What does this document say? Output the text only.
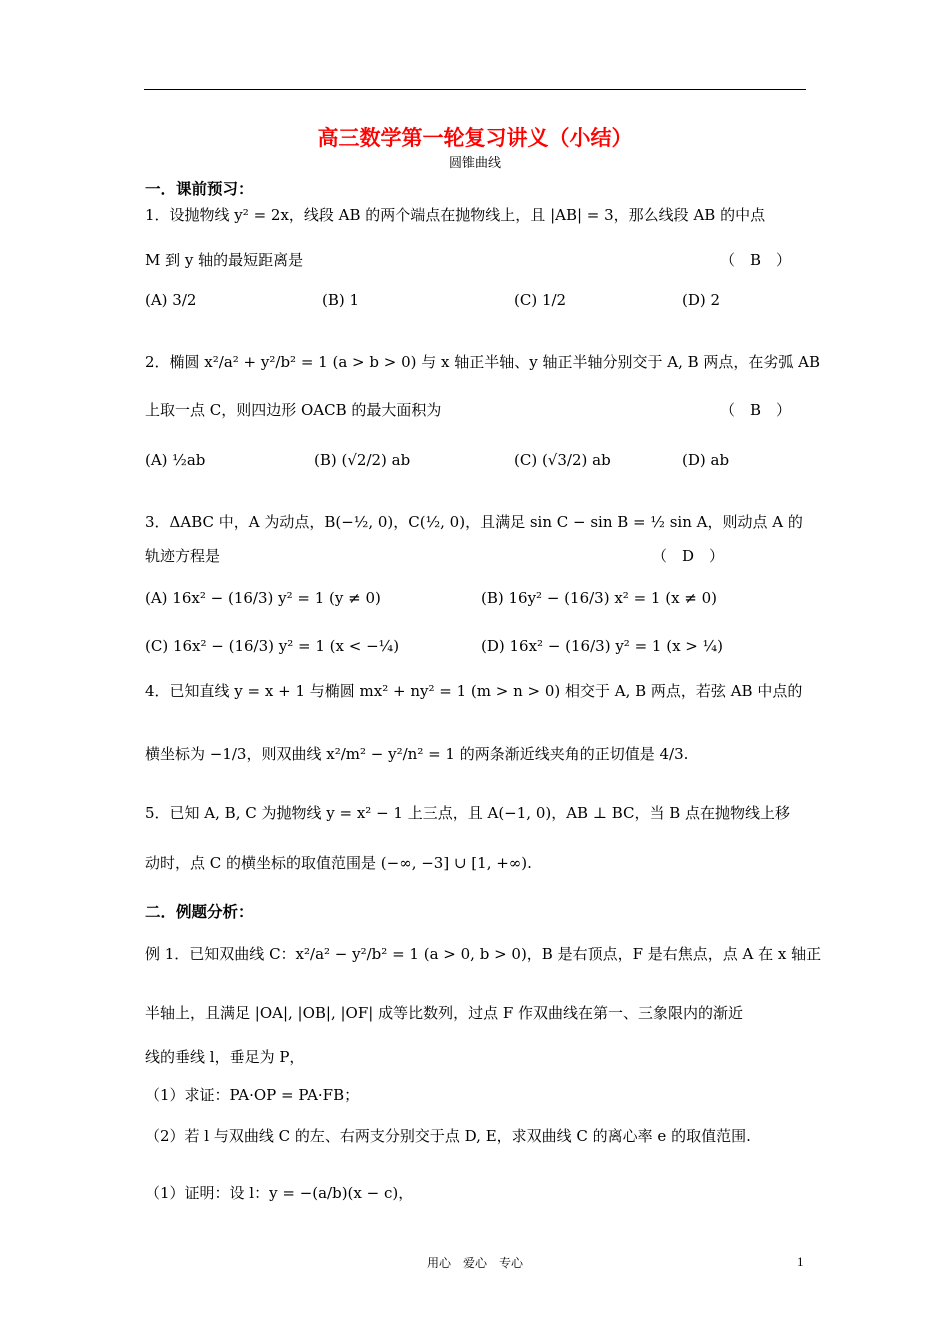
高三数学第一轮复习讲义（小结）
圆锥曲线
一．课前预习：
1．设抛物线 y² = 2x，线段 AB 的两个端点在抛物线上，且 |AB| = 3，那么线段 AB 的中点
M 到 y 轴的最短距离是	（　B　）
(A) 3/2	(B) 1	(C) 1/2	(D) 2
2．椭圆 x²/a² + y²/b² = 1 (a > b > 0) 与 x 轴正半轴、y 轴正半轴分别交于 A, B 两点，在劣弧 AB
上取一点 C，则四边形 OACB 的最大面积为	（　B　）
(A) ½ab	(B) (√2/2) ab	(C) (√3/2) ab	(D) ab
3．ΔABC 中，A 为动点，B(−½, 0)，C(½, 0)，且满足 sin C − sin B = ½ sin A，则动点 A 的
轨迹方程是	（　D　）
(A) 16x² − (16/3) y² = 1 (y ≠ 0)	(B) 16y² − (16/3) x² = 1 (x ≠ 0)
(C) 16x² − (16/3) y² = 1 (x < −¼)	(D) 16x² − (16/3) y² = 1 (x > ¼)
4．已知直线 y = x + 1 与椭圆 mx² + ny² = 1 (m > n > 0) 相交于 A, B 两点，若弦 AB 中点的
横坐标为 −1/3，则双曲线 x²/m² − y²/n² = 1 的两条渐近线夹角的正切值是 4/3.
5．已知 A, B, C 为抛物线 y = x² − 1 上三点，且 A(−1, 0)，AB ⊥ BC，当 B 点在抛物线上移
动时，点 C 的横坐标的取值范围是 (−∞, −3] ∪ [1, +∞).
二．例题分析：
例 1．已知双曲线 C：x²/a² − y²/b² = 1 (a > 0, b > 0)，B 是右顶点，F 是右焦点，点 A 在 x 轴正
半轴上，且满足 |OA|, |OB|, |OF| 成等比数列，过点 F 作双曲线在第一、三象限内的渐近
线的垂线 l，垂足为 P，
（1）求证：PA·OP = PA·FB；
（2）若 l 与双曲线 C 的左、右两支分别交于点 D, E，求双曲线 C 的离心率 e 的取值范围.
（1）证明：设 l：y = −(a/b)(x − c)，
用心　爱心　专心	1
